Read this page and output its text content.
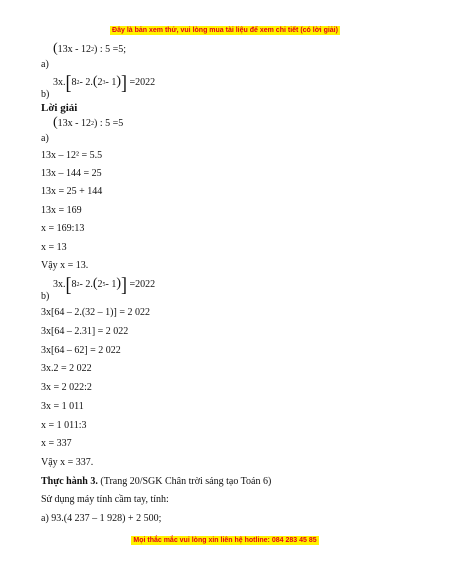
Đây là bản xem thử, vui lòng mua tài liệu để xem chi tiết (có lời giải)
a)
( 13x - 12 2 ) : 5 =5;
b)
3x. [ 8 2 - 2. ( 2 3 - 1 ) ]
=2022
Lời giải
a)
( 13x - 12 2 ) : 5 =5
13x – 12² = 5.5
13x – 144 = 25
13x = 25 + 144
13x = 169
x = 169:13
x = 13
Vậy x = 13.
b)
3x. [ 8 2 - 2. ( 2 5 - 1 ) ]
=2022
3x[64 – 2.(32 – 1)] = 2 022
3x[64 – 2.31] = 2 022
3x[64 – 62] = 2 022
3x.2 = 2 022
3x = 2 022:2
3x = 1 011
x = 1 011:3
x = 337
Vậy x = 337.
Thực hành 3. (Trang 20/SGK Chân trời sáng tạo Toán 6)
Sử dụng máy tính cầm tay, tính:
a) 93.(4 237 – 1 928) + 2 500;
Mọi thắc mắc vui lòng xin liên hệ hotline: 084 283 45 85
